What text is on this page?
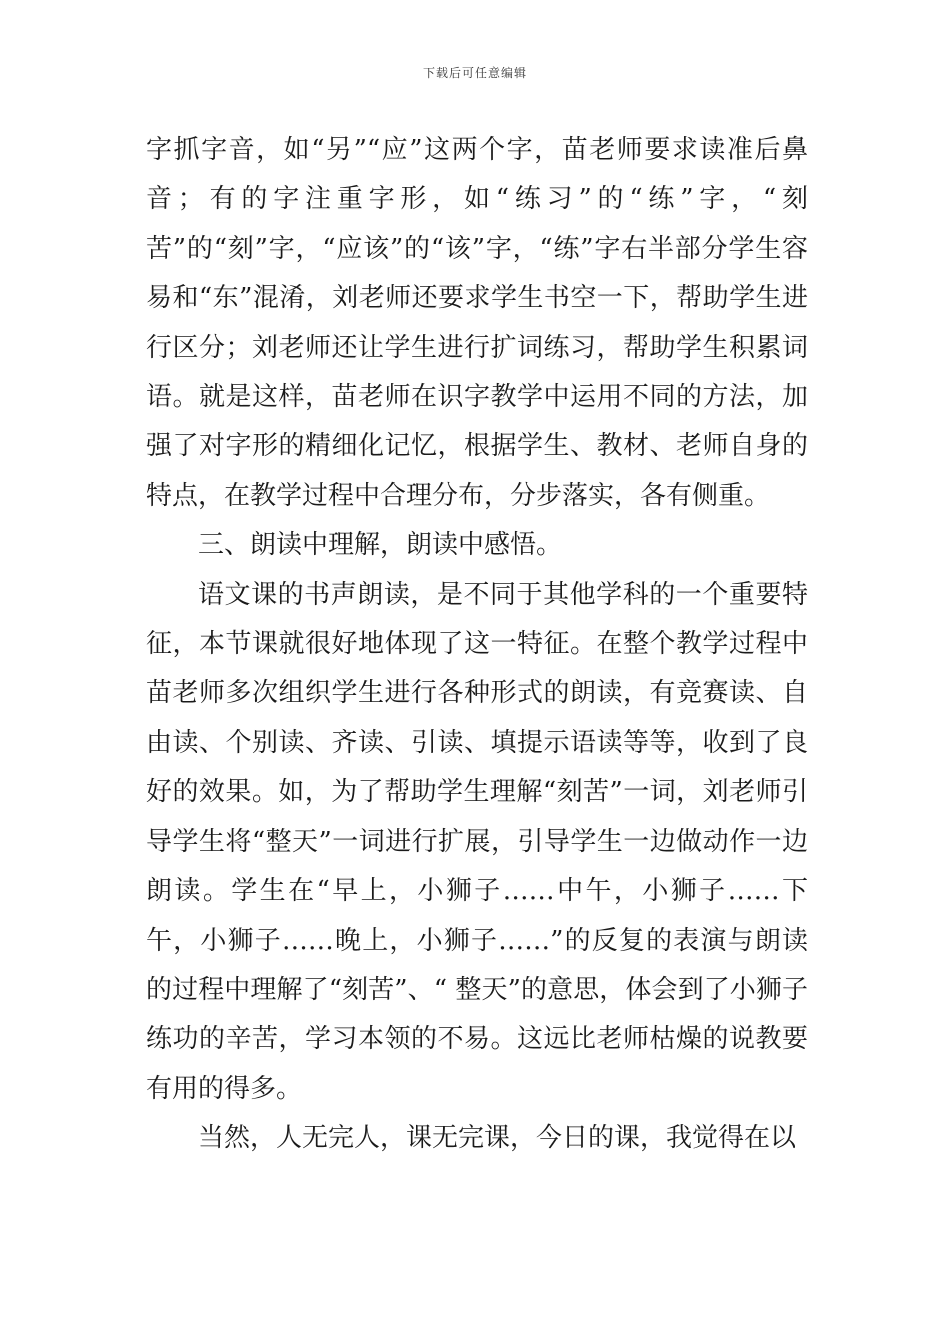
下载后可任意编辑

字抓字音，如“另”“应”这两个字，苗老师要求读准后鼻音；有的字注重字形，如“练习”的“练”字，“刻苦”的“刻”字，“应该”的“该”字，“练”字右半部分学生容易和“东”混淆，刘老师还要求学生书空一下，帮助学生进行区分；刘老师还让学生进行扩词练习，帮助学生积累词语。就是这样，苗老师在识字教学中运用不同的方法，加强了对字形的精细化记忆，根据学生、教材、老师自身的特点，在教学过程中合理分布，分步落实，各有侧重。

三、朗读中理解，朗读中感悟。

语文课的书声朗读，是不同于其他学科的一个重要特征，本节课就很好地体现了这一特征。在整个教学过程中苗老师多次组织学生进行各种形式的朗读，有竞赛读、自由读、个别读、齐读、引读、填提示语读等等，收到了良好的效果。如，为了帮助学生理解“刻苦”一词，刘老师引导学生将“整天”一词进行扩展，引导学生一边做动作一边朗读。学生在“早上，小狮子……中午，小狮子……下午，小狮子……晚上，小狮子……”的反复的表演与朗读的过程中理解了“刻苦”、“ 整天”的意思，体会到了小狮子练功的辛苦，学习本领的不易。这远比老师枯燥的说教要有用的得多。

当然，人无完人，课无完课，今日的课，我觉得在以
